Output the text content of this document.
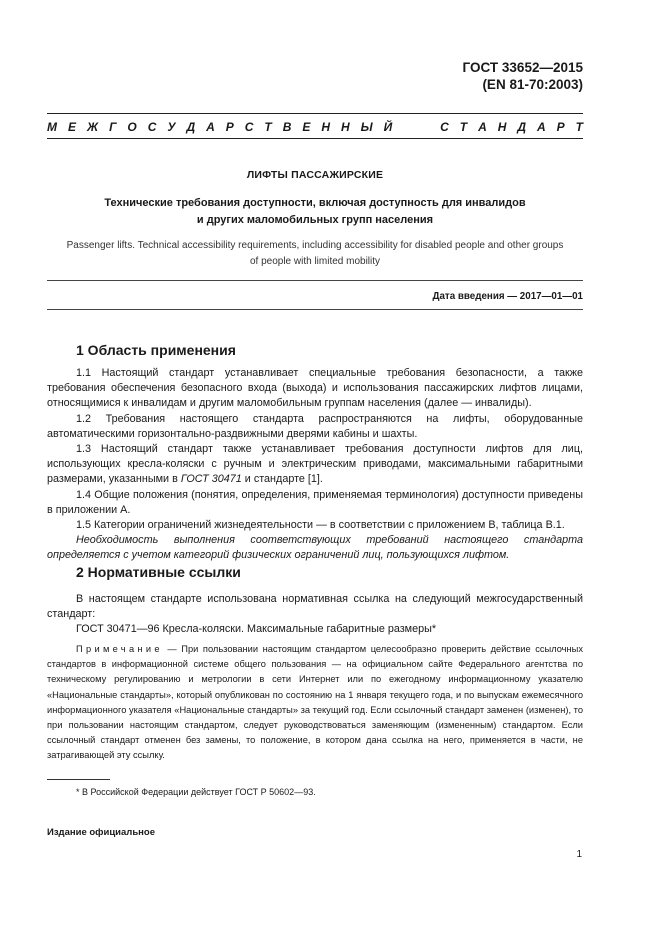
ГОСТ 33652—2015
(EN 81-70:2003)
М Е Ж Г О С У Д А Р С Т В Е Н Н Ы Й	С Т А Н Д А Р Т
ЛИФТЫ ПАССАЖИРСКИЕ
Технические требования доступности, включая доступность для инвалидов
и других маломобильных групп населения
Passenger lifts. Technical accessibility requirements, including accessibility for disabled people and other groups
of people with limited mobility
Дата введения — 2017—01—01
1 Область применения

1.1 Настоящий стандарт устанавливает специальные требования безопасности, а также требования обеспечения безопасного входа (выхода) и использования пассажирских лифтов лицами, относящимися к инвалидам и другим маломобильным группам населения (далее — инвалиды).

1.2 Требования настоящего стандарта распространяются на лифты, оборудованные автоматическими горизонтально-раздвижными дверями кабины и шахты.

1.3 Настоящий стандарт также устанавливает требования доступности лифтов для лиц, использующих кресла-коляски с ручным и электрическим приводами, максимальными габаритными размерами, указанными в ГОСТ 30471 и стандарте [1].

1.4 Общие положения (понятия, определения, применяемая терминология) доступности приведены в приложении А.

1.5 Категории ограничений жизнедеятельности — в соответствии с приложением В, таблица В.1.

Необходимость выполнения соответствующих требований настоящего стандарта определяется с учетом категорий физических ограничений лиц, пользующихся лифтом.

2 Нормативные ссылки

В настоящем стандарте использована нормативная ссылка на следующий межгосударственный стандарт:

ГОСТ 30471—96 Кресла-коляски. Максимальные габаритные размеры*

Примечание — При пользовании настоящим стандартом целесообразно проверить действие ссылочных стандартов в информационной системе общего пользования — на официальном сайте Федерального агентства по техническому регулированию и метрологии в сети Интернет или по ежегодному информационному указателю «Национальные стандарты», который опубликован по состоянию на 1 января текущего года, и по выпускам ежемесячного информационного указателя «Национальные стандарты» за текущий год. Если ссылочный стандарт заменен (изменен), то при пользовании настоящим стандартом, следует руководствоваться заменяющим (измененным) стандартом. Если ссылочный стандарт отменен без замены, то положение, в котором дана ссылка на него, применяется в части, не затрагивающей эту ссылку.

* В Российской Федерации действует ГОСТ Р 50602—93.
Издание официальное
1
